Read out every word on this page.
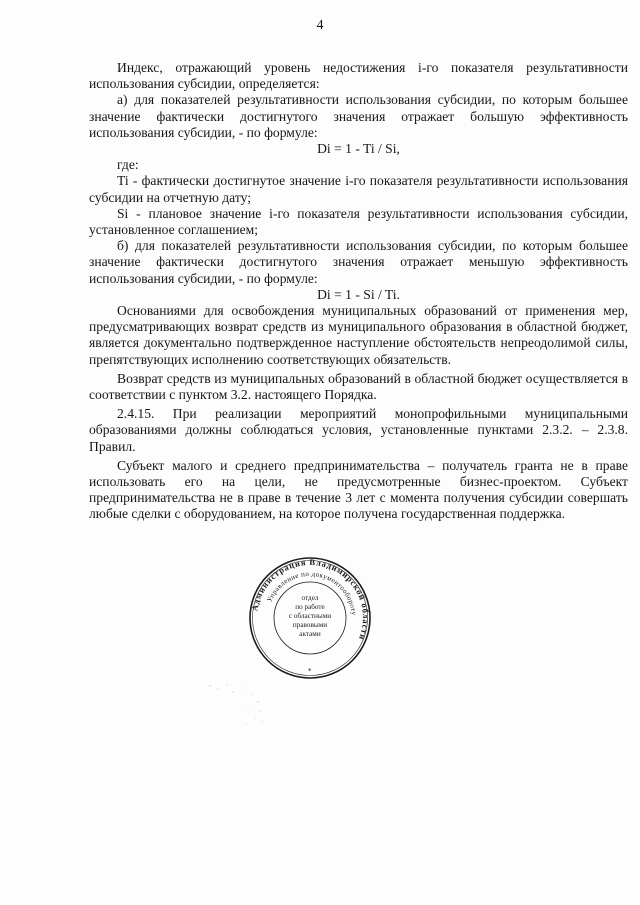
4

Индекс, отражающий уровень недостижения i-го показателя результативности использования субсидии, определяется:

а) для показателей результативности использования субсидии, по которым большее значение фактически достигнутого значения отражает большую эффективность использования субсидии, - по формуле:

Di = 1 - Ti / Si,

где:

Ti - фактически достигнутое значение i-го показателя результативности использования субсидии на отчетную дату;

Si - плановое значение i-го показателя результативности использования субсидии, установленное соглашением;

б) для показателей результативности использования субсидии, по которым большее значение фактически достигнутого значения отражает меньшую эффективность использования субсидии, - по формуле:

Di = 1 - Si / Ti.

Основаниями для освобождения муниципальных образований от применения мер, предусматривающих возврат средств из муниципального образования в областной бюджет, является документально подтвержденное наступление обстоятельств непреодолимой силы, препятствующих исполнению соответствующих обязательств.

Возврат средств из муниципальных образований в областной бюджет осуществляется в соответствии с пунктом 3.2. настоящего Порядка.

2.4.15. При реализации мероприятий монопрофильными муниципальными образованиями должны соблюдаться условия, установленные пунктами 2.3.2. – 2.3.8. Правил.

Субъект малого и среднего предпринимательства – получатель гранта не в праве использовать его на цели, не предусмотренные бизнес-проектом. Субъект предпринимательства не в праве в течение 3 лет с момента получения субсидии совершать любые сделки с оборудованием, на которое получена государственная поддержка.

Администрация Владимирской области
Управление по документообороту
отдел
по работе
с областными
правовыми
актами
*
